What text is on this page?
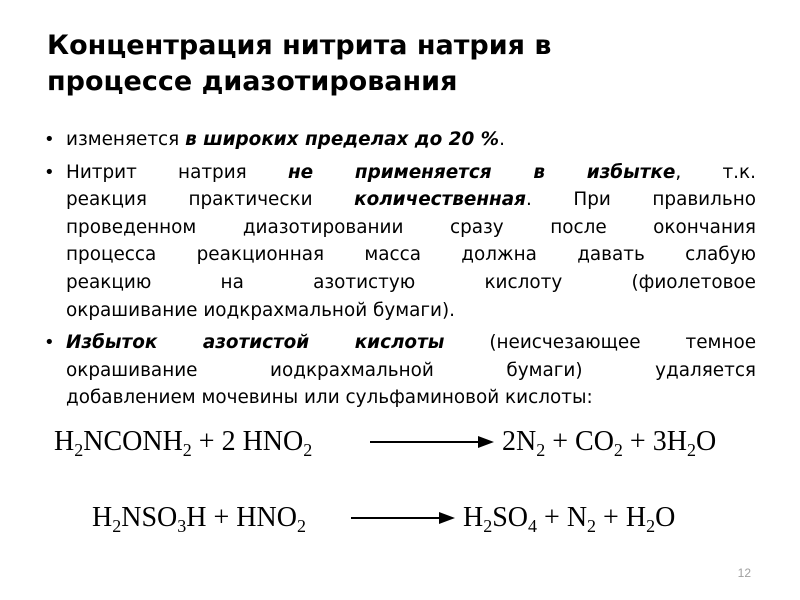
Концентрация нитрита натрия в
процессе диазотирования
• изменяется в широких пределах до 20 %.
• Нитрит натрия не применяется в избытке, т.к.
реакция практически количественная. При правильно
проведенном диазотировании сразу после окончания
процесса реакционная масса должна давать слабую
реакцию на азотистую кислоту (фиолетовое
окрашивание иодкрахмальной бумаги).
• Избыток азотистой кислоты (неисчезающее темное
окрашивание иодкрахмальной бумаги) удаляется
добавлением мочевины или сульфаминовой кислоты:
$H_2NCONH_2 + 2$ $HNO_2$	$2N_2 + CO_2 + 3H_2O$
$H_2NSO_3H + HNO_2$	$H_2SO_4 + N_2 + H_2O$
12
